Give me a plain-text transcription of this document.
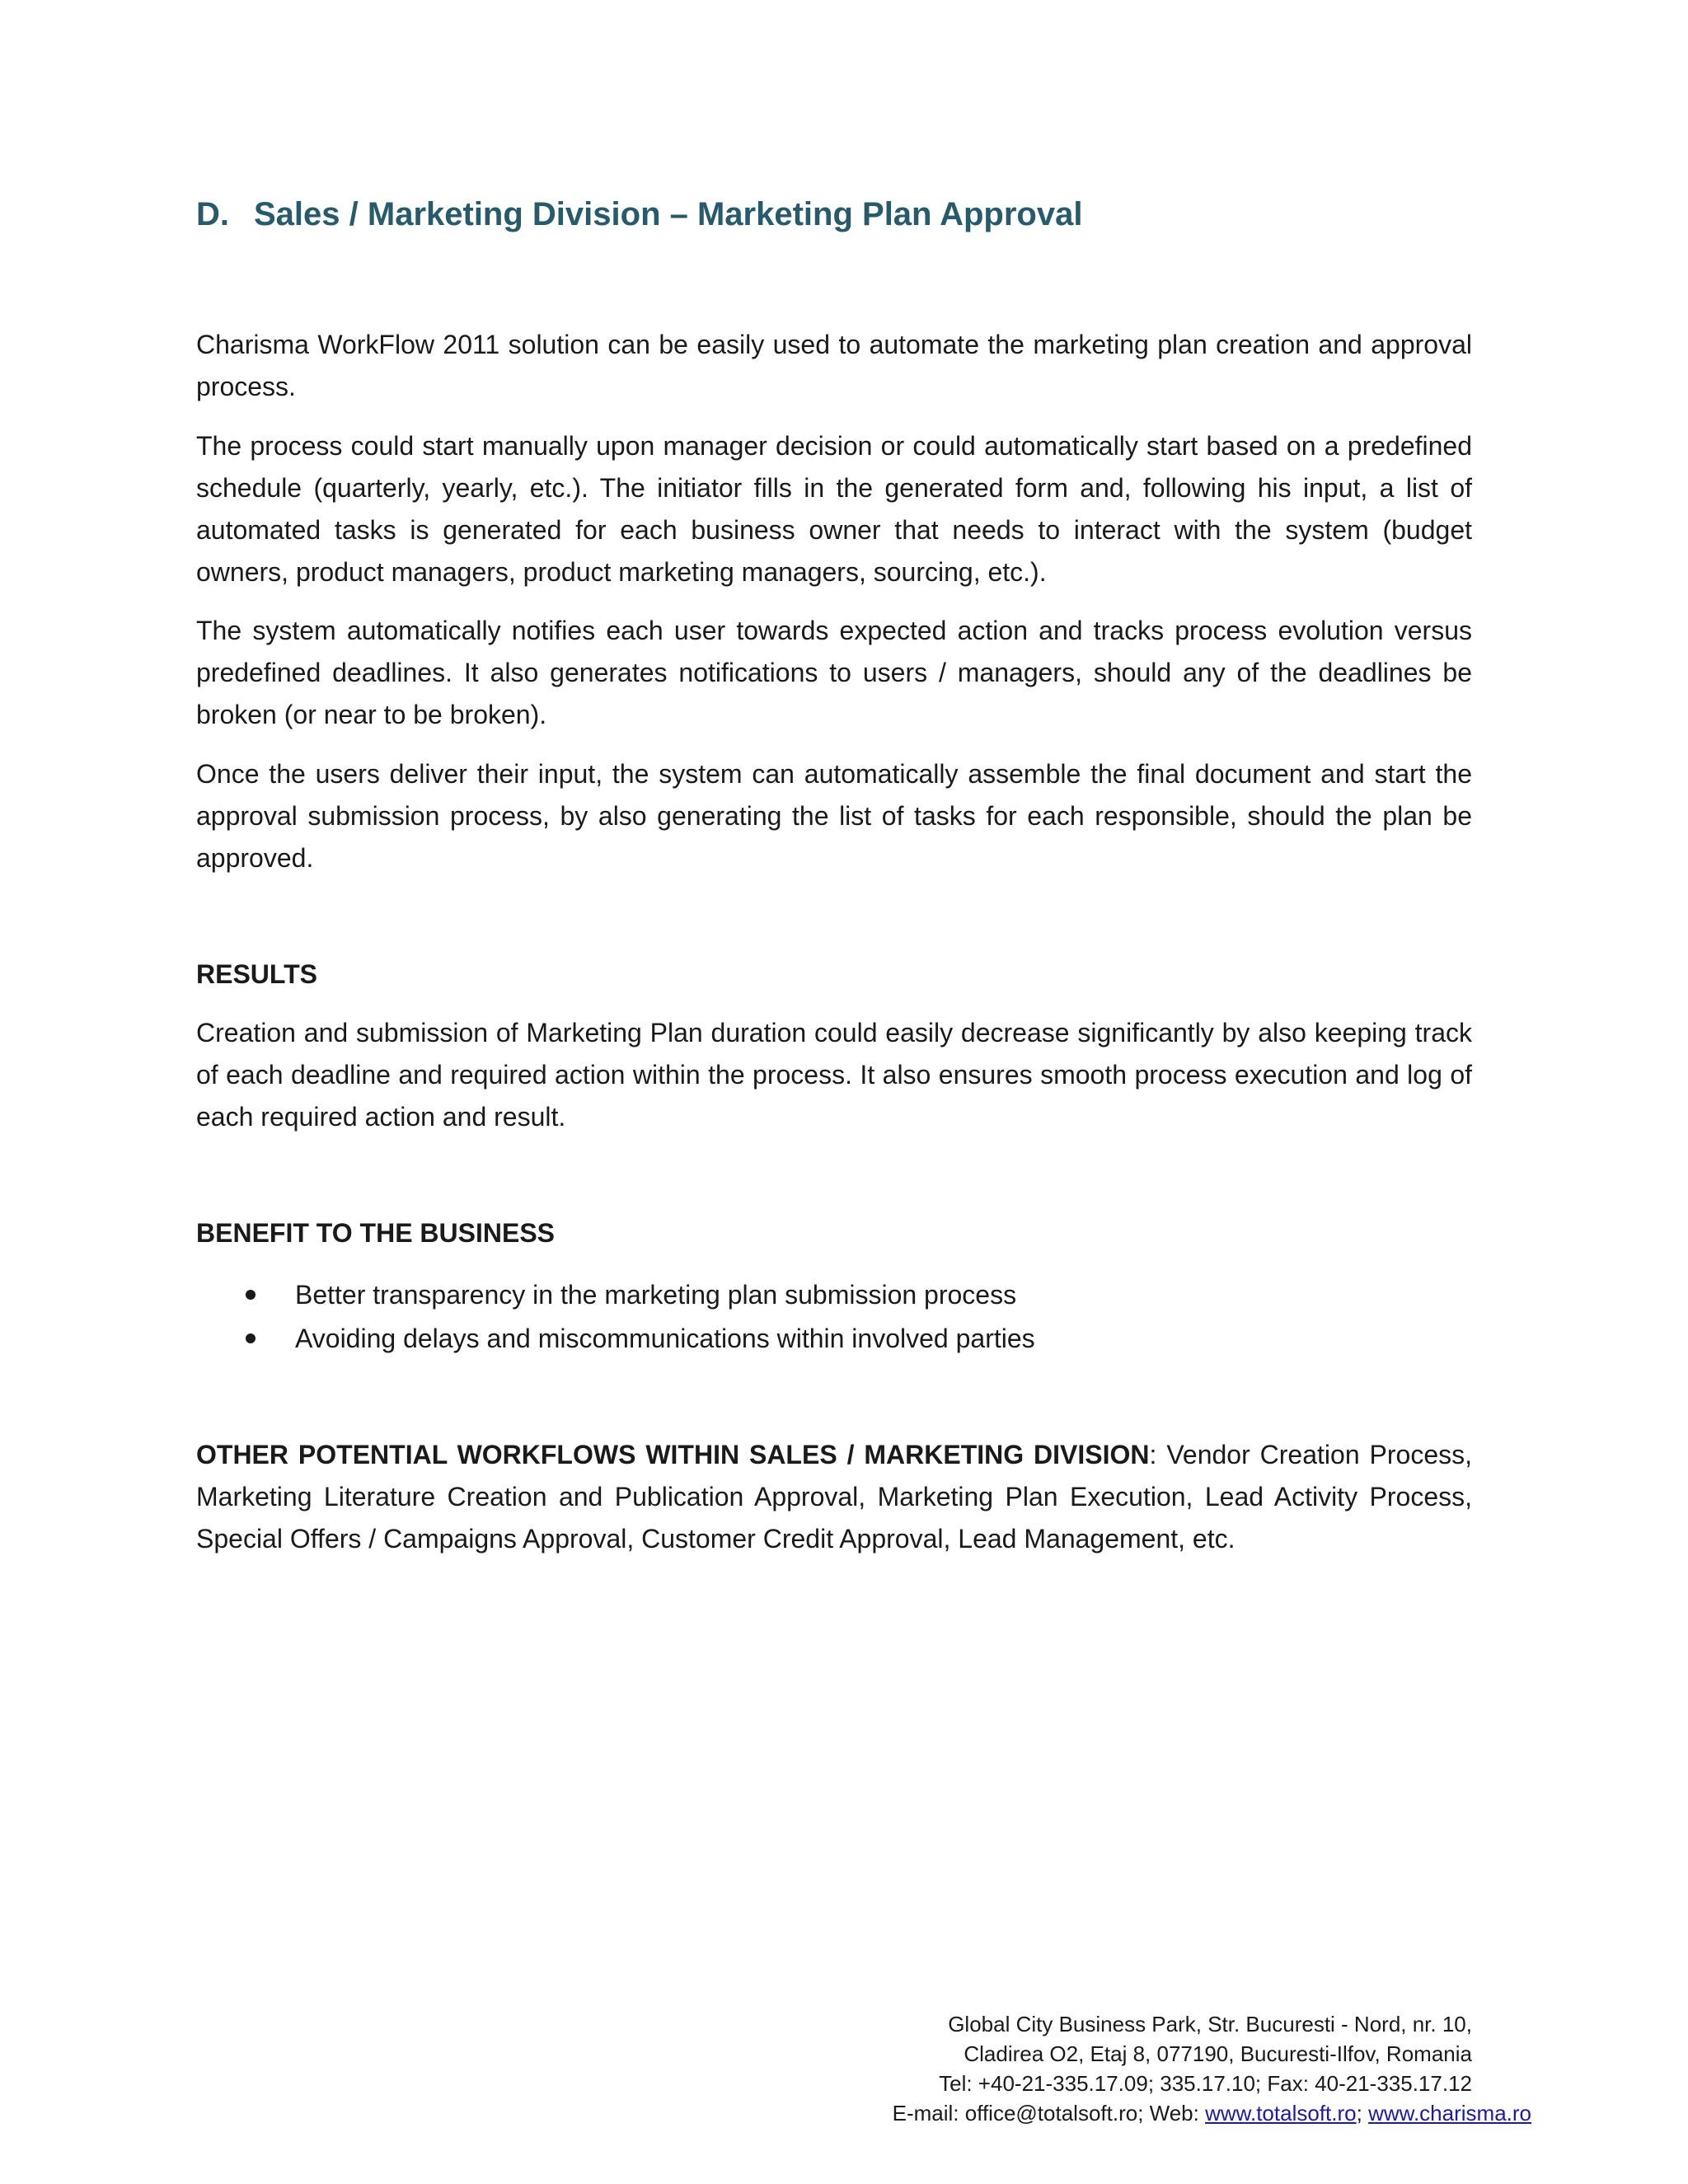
D. Sales / Marketing Division – Marketing Plan Approval

Charisma WorkFlow 2011 solution can be easily used to automate the marketing plan creation and approval process.

The process could start manually upon manager decision or could automatically start based on a predefined schedule (quarterly, yearly, etc.). The initiator fills in the generated form and, following his input, a list of automated tasks is generated for each business owner that needs to interact with the system (budget owners, product managers, product marketing managers, sourcing, etc.).

The system automatically notifies each user towards expected action and tracks process evolution versus predefined deadlines. It also generates notifications to users / managers, should any of the deadlines be broken (or near to be broken).

Once the users deliver their input, the system can automatically assemble the final document and start the approval submission process, by also generating the list of tasks for each responsible, should the plan be approved.

RESULTS

Creation and submission of Marketing Plan duration could easily decrease significantly by also keeping track of each deadline and required action within the process. It also ensures smooth process execution and log of each required action and result.

BENEFIT TO THE BUSINESS
Better transparency in the marketing plan submission process
Avoiding delays and miscommunications within involved parties

OTHER POTENTIAL WORKFLOWS WITHIN SALES / MARKETING DIVISION: Vendor Creation Process, Marketing Literature Creation and Publication Approval, Marketing Plan Execution, Lead Activity Process, Special Offers / Campaigns Approval, Customer Credit Approval, Lead Management, etc.

Global City Business Park, Str. Bucuresti - Nord, nr. 10,
Cladirea O2, Etaj 8, 077190, Bucuresti-Ilfov, Romania
Tel: +40-21-335.17.09; 335.17.10; Fax: 40-21-335.17.12
E-mail: office@totalsoft.ro; Web: www.totalsoft.ro; www.charisma.ro
